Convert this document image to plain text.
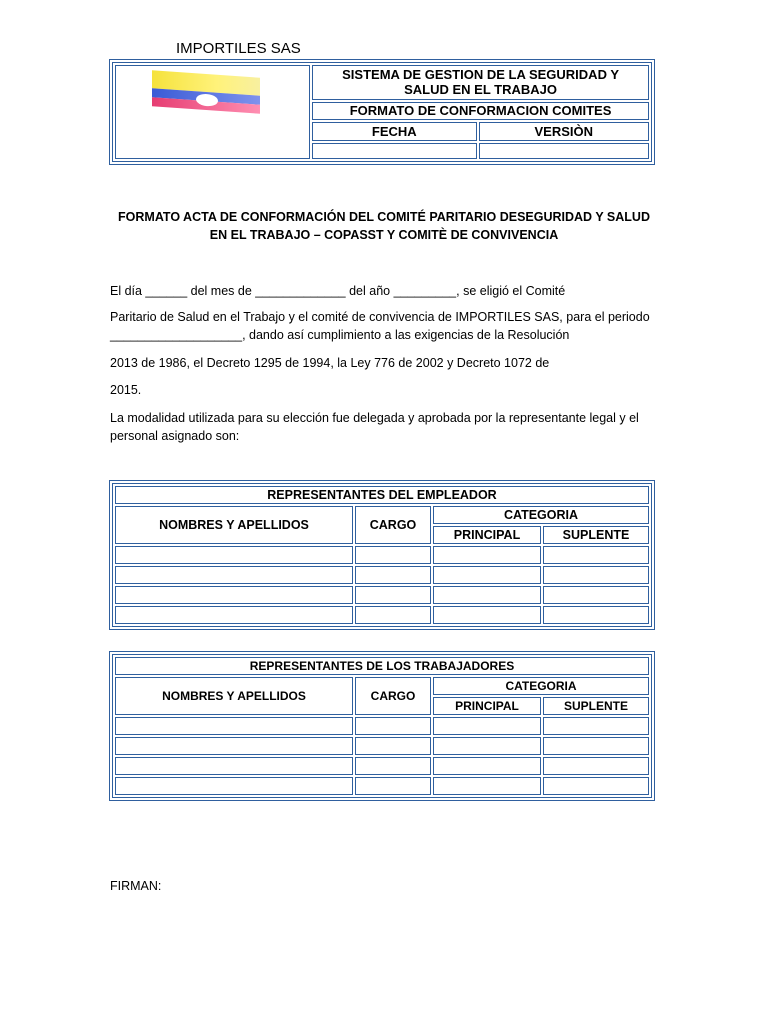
IMPORTILES SAS
	SISTEMA DE GESTION DE LA SEGURIDAD Y SALUD EN EL TRABAJO	
	FORMATO DE CONFORMACION COMITES	
	FECHA	VERSIÒN

FORMATO ACTA DE CONFORMACIÓN DEL COMITÉ PARITARIO DESEGURIDAD Y SALUD EN EL TRABAJO – COPASST Y COMITÈ DE CONVIVENCIA
El día ______ del mes de _____________ del año _________, se eligió el Comité
Paritario de Salud en el Trabajo y el comité de convivencia de IMPORTILES SAS, para el periodo ___________________, dando así cumplimiento a las exigencias de la Resolución
2013 de 1986, el Decreto 1295 de 1994, la Ley 776 de 2002 y Decreto 1072 de
2015.
La modalidad utilizada para su elección fue delegada y aprobada por la representante legal y el personal asignado son:
REPRESENTANTES DEL EMPLEADOR			
NOMBRES Y APELLIDOS	CARGO	CATEGORIA	
		PRINCIPAL	SUPLENTE

REPRESENTANTES DE LOS TRABAJADORES			
NOMBRES Y APELLIDOS	CARGO	CATEGORIA	
		PRINCIPAL	SUPLENTE

FIRMAN:
